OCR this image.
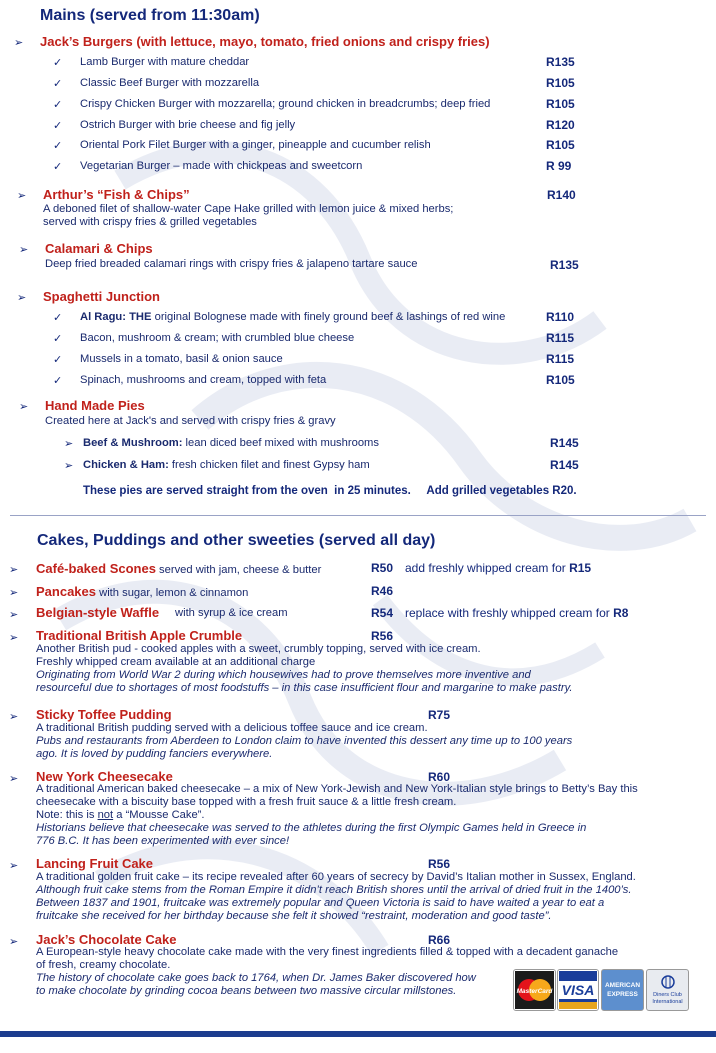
Mains (served from 11:30am)
➢ Jack’s Burgers (with lettuce, mayo, tomato, fried onions and crispy fries)
✓ Lamb Burger with mature cheddar	R135
✓ Classic Beef Burger with mozzarella	R105
✓ Crispy Chicken Burger with mozzarella; ground chicken in breadcrumbs; deep fried	R105
✓ Ostrich Burger with brie cheese and fig jelly	R120
✓ Oriental Pork Filet Burger with a ginger, pineapple and cucumber relish	R105
✓ Vegetarian Burger – made with chickpeas and sweetcorn	R 99
➢ Arthur’s “Fish & Chips”	R140
A deboned filet of shallow-water Cape Hake grilled with lemon juice & mixed herbs;
served with crispy fries & grilled vegetables
➢ Calamari & Chips
Deep fried breaded calamari rings with crispy fries & jalapeno tartare sauce	R135
➢ Spaghetti Junction
✓ Al Ragu: THE original Bolognese made with finely ground beef & lashings of red wine	R110
✓ Bacon, mushroom & cream; with crumbled blue cheese	R115
✓ Mussels in a tomato, basil & onion sauce	R115
✓ Spinach, mushrooms and cream, topped with feta	R105
➢ Hand Made Pies
Created here at Jack's and served with crispy fries & gravy
➢ Beef & Mushroom: lean diced beef mixed with mushrooms	R145
➢ Chicken & Ham: fresh chicken filet and finest Gypsy ham	R145
These pies are served straight from the oven  in 25 minutes.     Add grilled vegetables R20.
Cakes, Puddings and other sweeties (served all day)
➢ Café-baked Scones served with jam, cheese & butter	R50 add freshly whipped cream for R15
➢ Pancakes with sugar, lemon & cinnamon	R46
➢ Belgian-style Waffle with syrup & ice cream	R54 replace with freshly whipped cream for R8
➢ Traditional British Apple Crumble	R56
Another British pud - cooked apples with a sweet, crumbly topping, served with ice cream.
Freshly whipped cream available at an additional charge
Originating from World War 2 during which housewives had to prove themselves more inventive and
resourceful due to shortages of most foodstuffs – in this case insufficient flour and margarine to make pastry.
➢ Sticky Toffee Pudding	R75
A traditional British pudding served with a delicious toffee sauce and ice cream.
Pubs and restaurants from Aberdeen to London claim to have invented this dessert any time up to 100 years
ago. It is loved by pudding fanciers everywhere.
➢ New York Cheesecake	R60
A traditional American baked cheesecake – a mix of New York-Jewish and New York-Italian style brings to Betty’s Bay this
cheesecake with a biscuity base topped with a fresh fruit sauce & a little fresh cream.
Note: this is not a “Mousse Cake”.
Historians believe that cheesecake was served to the athletes during the first Olympic Games held in Greece in
776 B.C. It has been experimented with ever since!
➢ Lancing Fruit Cake	R56
A traditional golden fruit cake – its recipe revealed after 60 years of secrecy by David’s Italian mother in Sussex, England.
Although fruit cake stems from the Roman Empire it didn’t reach British shores until the arrival of dried fruit in the 1400’s.
Between 1837 and 1901, fruitcake was extremely popular and Queen Victoria is said to have waited a year to eat a
fruitcake she received for her birthday because she felt it showed “restraint, moderation and good taste”.
➢ Jack’s Chocolate Cake	R66
A European-style heavy chocolate cake made with the very finest ingredients filled & topped with a decadent ganache
of fresh, creamy chocolate.
The history of chocolate cake goes back to 1764, when Dr. James Baker discovered how
to make chocolate by grinding cocoa beans between two massive circular millstones.	MasterCard VISA	AMERICAN
EXPRESS	Diners Club
International
